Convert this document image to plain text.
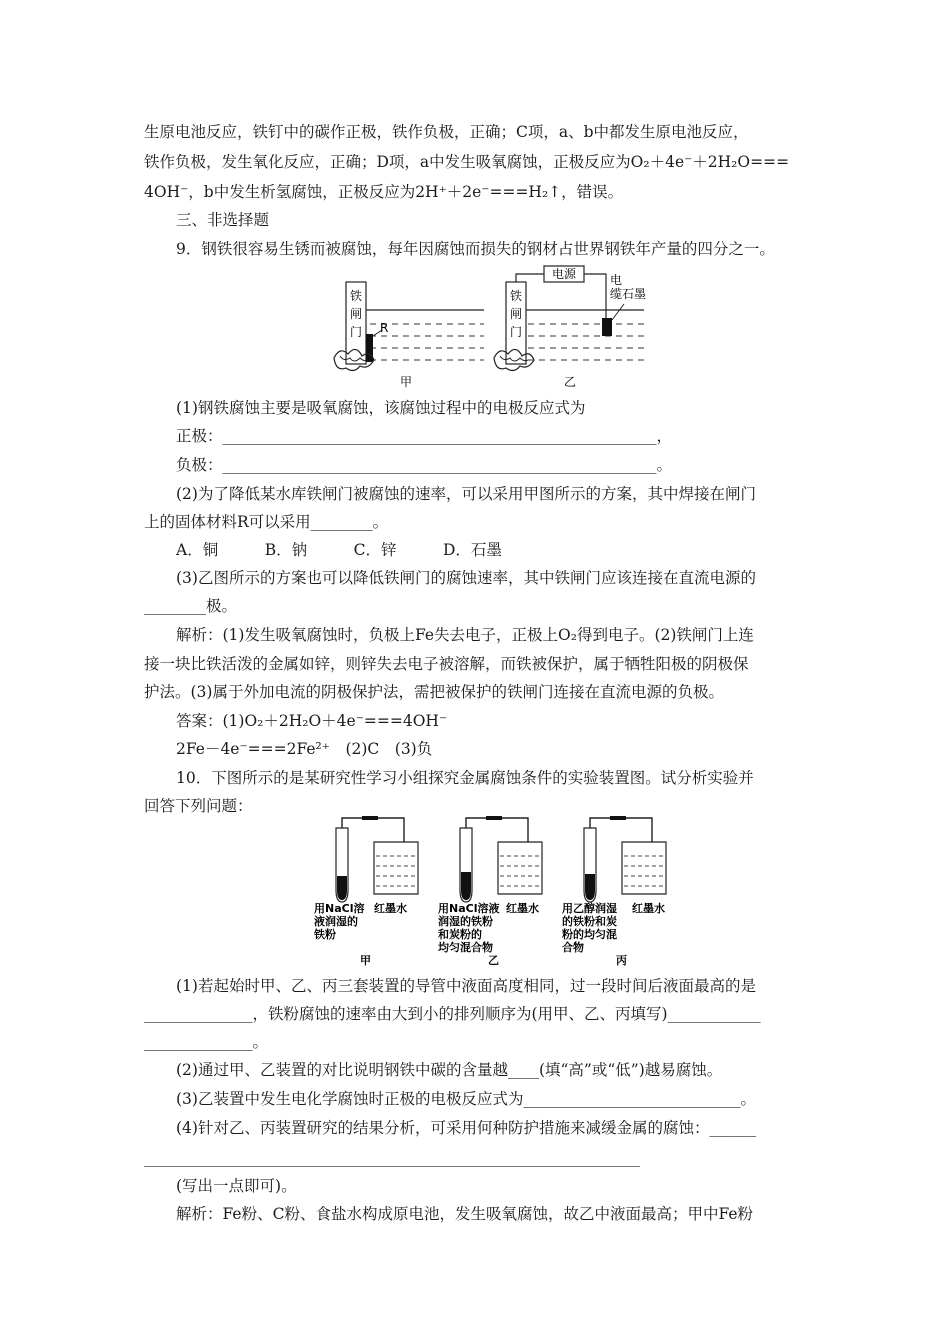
生原电池反应，铁钉中的碳作正极，铁作负极，正确；C项，a、b中都发生原电池反应，
铁作负极，发生氧化反应，正确；D项，a中发生吸氧腐蚀，正极反应为O₂＋4e⁻＋2H₂O===
4OH⁻，b中发生析氢腐蚀，正极反应为2H⁺＋2e⁻===H₂↑，错误。
三、非选择题
9．钢铁很容易生锈而被腐蚀，每年因腐蚀而损失的钢材占世界钢铁年产量的四分之一。
铁
闸
门 R
甲
铁
闸
门
电源	电
缆 石墨
乙
(1)钢铁腐蚀主要是吸氧腐蚀，该腐蚀过程中的电极反应式为
正极：________________________________________________________，
负极：________________________________________________________。
(2)为了降低某水库铁闸门被腐蚀的速率，可以采用甲图所示的方案，其中焊接在闸门
上的固体材料R可以采用________。
A．铜　　　B．钠　　　C．锌　　　D．石墨
(3)乙图所示的方案也可以降低铁闸门的腐蚀速率，其中铁闸门应该连接在直流电源的
________极。
解析：(1)发生吸氧腐蚀时，负极上Fe失去电子，正极上O₂得到电子。(2)铁闸门上连
接一块比铁活泼的金属如锌，则锌失去电子被溶解，而铁被保护，属于牺牲阳极的阴极保
护法。(3)属于外加电流的阴极保护法，需把被保护的铁闸门连接在直流电源的负极。
答案：(1)O₂＋2H₂O＋4e⁻===4OH⁻
2Fe－4e⁻===2Fe²⁺　(2)C　(3)负
10．下图所示的是某研究性学习小组探究金属腐蚀条件的实验装置图。试分析实验并
回答下列问题：
用NaCl溶
液润湿的
铁粉
红墨水
甲
用NaCl溶液
润湿的铁粉
和炭粉的
均匀混合物
红墨水
乙
用乙醇润湿
的铁粉和炭
粉的均匀混
合物
红墨水
丙
(1)若起始时甲、乙、丙三套装置的导管中液面高度相同，过一段时间后液面最高的是
______________，铁粉腐蚀的速率由大到小的排列顺序为(用甲、乙、丙填写)____________
______________。
(2)通过甲、乙装置的对比说明钢铁中碳的含量越____(填“高”或“低”)越易腐蚀。
(3)乙装置中发生电化学腐蚀时正极的电极反应式为____________________________。
(4)针对乙、丙装置研究的结果分析，可采用何种防护措施来减缓金属的腐蚀：______
________________________________________________________________
(写出一点即可)。
解析：Fe粉、C粉、食盐水构成原电池，发生吸氧腐蚀，故乙中液面最高；甲中Fe粉
